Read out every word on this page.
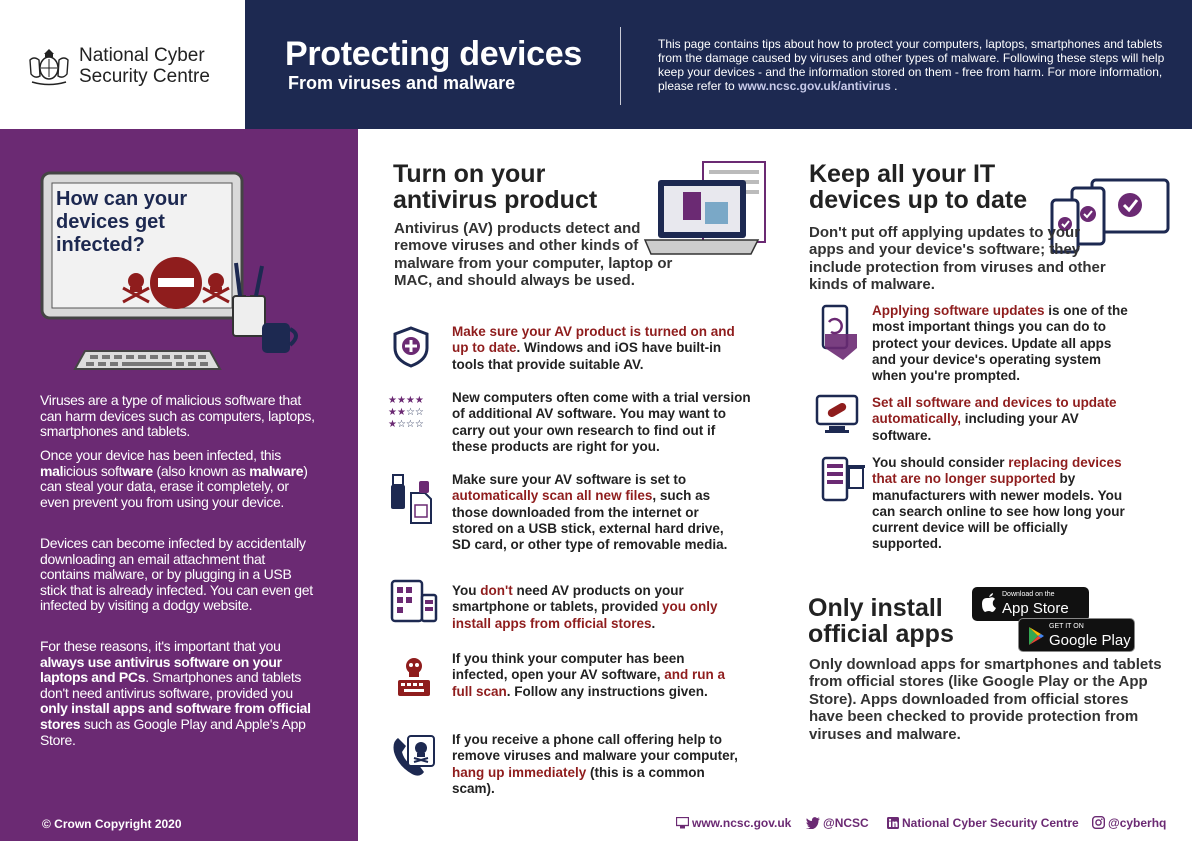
National Cyber
Security Centre
Protecting devices
From viruses and malware
This page contains tips about how to protect your computers, laptops, smartphones and tablets from the damage caused by viruses and other types of malware. Following these steps will help keep your devices - and the information stored on them - free from harm. For more information, please refer to www.ncsc.gov.uk/antivirus .
How can your devices get infected?
Viruses are a type of malicious software that can harm devices such as computers, laptops, smartphones and tablets.
Once your device has been infected, this malicious software (also known as malware) can steal your data, erase it completely, or even prevent you from using your device.
Devices can become infected by accidentally downloading an email attachment that contains malware, or by plugging in a USB stick that is already infected. You can even get infected by visiting a dodgy website.
For these reasons, it's important that you always use antivirus software on your laptops and PCs. Smartphones and tablets don't need antivirus software, provided you only install apps and software from official stores such as Google Play and Apple's App Store.
© Crown Copyright 2020
Turn on your
antivirus product
Antivirus (AV) products detect and remove viruses and other kinds of malware from your computer, laptop or MAC, and should always be used.
Make sure your AV product is turned on and up to date. Windows and iOS have built-in tools that provide suitable AV.
★★★★
★★☆☆
★☆☆☆
New computers often come with a trial version of additional AV software. You may want to carry out your own research to find out if these products are right for you.
Make sure your AV software is set to automatically scan all new files, such as those downloaded from the internet or stored on a USB stick, external hard drive, SD card, or other type of removable media.
You don't need AV products on your smartphone or tablets, provided you only install apps from official stores.
If you think your computer has been infected, open your AV software, and run a full scan. Follow any instructions given.
If you receive a phone call offering help to remove viruses and malware your computer, hang up immediately (this is a common scam).
Keep all your IT
devices up to date
Don't put off applying updates to your apps and your device's software; they include protection from viruses and other kinds of malware.
Applying software updates is one of the most important things you can do to protect your devices. Update all apps and your device's operating system when you're prompted.
Set all software and devices to update automatically, including your AV software.
You should consider replacing devices that are no longer supported by manufacturers with newer models. You can search online to see how long your current device will be officially supported.
Only install
official apps
Download on the
App Store
GET IT ON
Google Play
Only download apps for smartphones and tablets from official stores (like Google Play or the App Store). Apps downloaded from official stores have been checked to provide protection from viruses and malware.
www.ncsc.gov.uk	@NCSC	National Cyber Security Centre	@cyberhq
